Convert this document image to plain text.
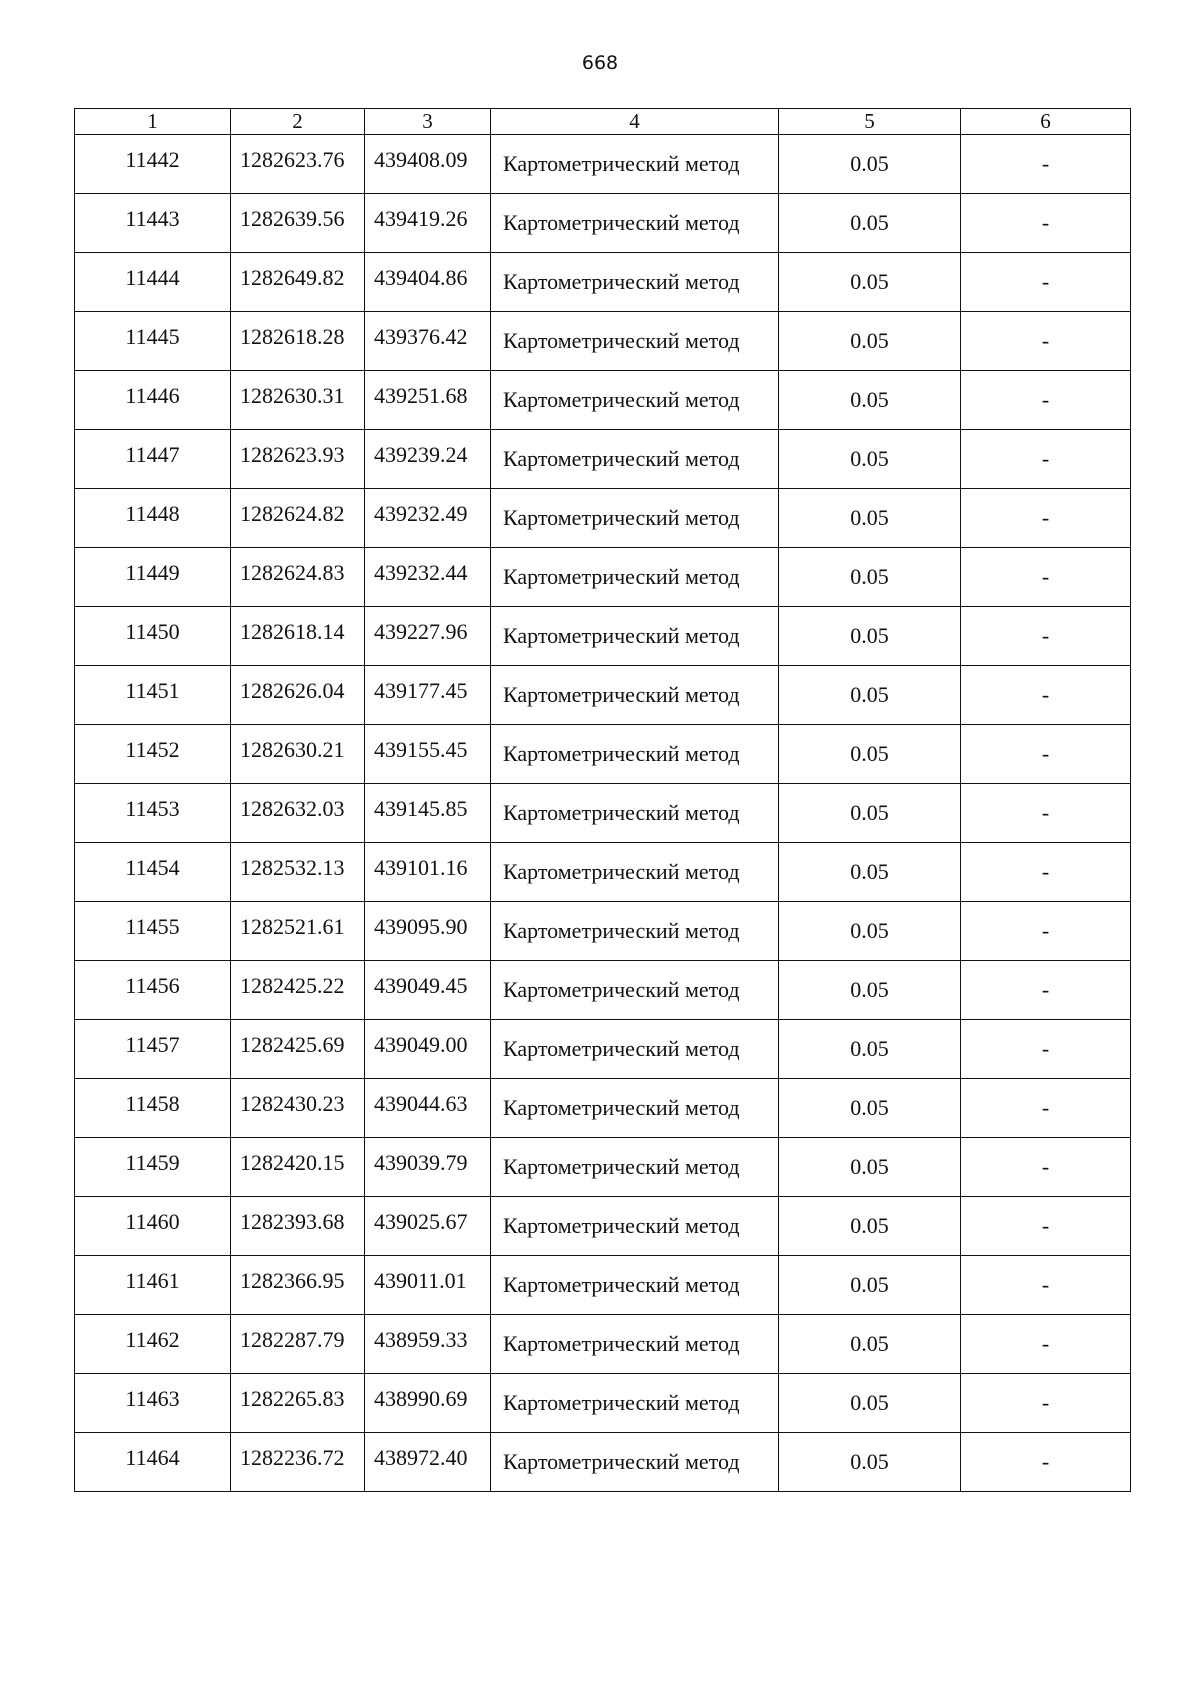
668
1	2	3	4	5	6
11442	1282623.76	439408.09	Картометрический метод	0.05	-
11443	1282639.56	439419.26	Картометрический метод	0.05	-
11444	1282649.82	439404.86	Картометрический метод	0.05	-
11445	1282618.28	439376.42	Картометрический метод	0.05	-
11446	1282630.31	439251.68	Картометрический метод	0.05	-
11447	1282623.93	439239.24	Картометрический метод	0.05	-
11448	1282624.82	439232.49	Картометрический метод	0.05	-
11449	1282624.83	439232.44	Картометрический метод	0.05	-
11450	1282618.14	439227.96	Картометрический метод	0.05	-
11451	1282626.04	439177.45	Картометрический метод	0.05	-
11452	1282630.21	439155.45	Картометрический метод	0.05	-
11453	1282632.03	439145.85	Картометрический метод	0.05	-
11454	1282532.13	439101.16	Картометрический метод	0.05	-
11455	1282521.61	439095.90	Картометрический метод	0.05	-
11456	1282425.22	439049.45	Картометрический метод	0.05	-
11457	1282425.69	439049.00	Картометрический метод	0.05	-
11458	1282430.23	439044.63	Картометрический метод	0.05	-
11459	1282420.15	439039.79	Картометрический метод	0.05	-
11460	1282393.68	439025.67	Картометрический метод	0.05	-
11461	1282366.95	439011.01	Картометрический метод	0.05	-
11462	1282287.79	438959.33	Картометрический метод	0.05	-
11463	1282265.83	438990.69	Картометрический метод	0.05	-
11464	1282236.72	438972.40	Картометрический метод	0.05	-
